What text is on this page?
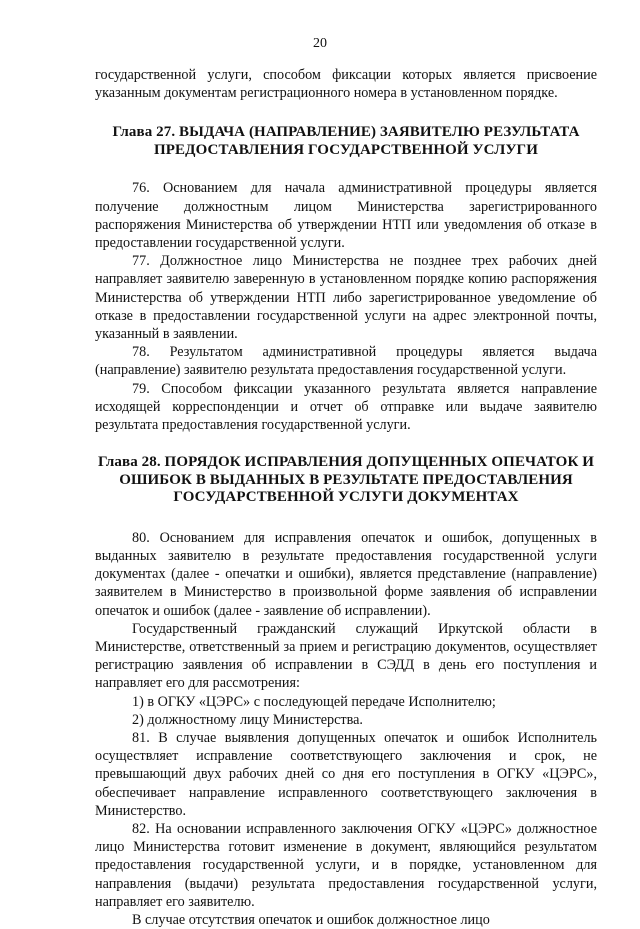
20

государственной услуги, способом фиксации которых является присвоение указанным документам регистрационного номера в установленном порядке.

Глава 27. ВЫДАЧА (НАПРАВЛЕНИЕ) ЗАЯВИТЕЛЮ РЕЗУЛЬТАТА ПРЕДОСТАВЛЕНИЯ ГОСУДАРСТВЕННОЙ УСЛУГИ

76. Основанием для начала административной процедуры является получение должностным лицом Министерства зарегистрированного распоряжения Министерства об утверждении НТП или уведомления об отказе в предоставлении государственной услуги.

77. Должностное лицо Министерства не позднее трех рабочих дней направляет заявителю заверенную в установленном порядке копию распоряжения Министерства об утверждении НТП либо зарегистрированное уведомление об отказе в предоставлении государственной услуги на адрес электронной почты, указанный в заявлении.

78. Результатом административной процедуры является выдача (направление) заявителю результата предоставления государственной услуги.

79. Способом фиксации указанного результата является направление исходящей корреспонденции и отчет об отправке или выдаче заявителю результата предоставления государственной услуги.

Глава 28. ПОРЯДОК ИСПРАВЛЕНИЯ ДОПУЩЕННЫХ ОПЕЧАТОК И ОШИБОК В ВЫДАННЫХ В РЕЗУЛЬТАТЕ ПРЕДОСТАВЛЕНИЯ ГОСУДАРСТВЕННОЙ УСЛУГИ ДОКУМЕНТАХ

80. Основанием для исправления опечаток и ошибок, допущенных в выданных заявителю в результате предоставления государственной услуги документах (далее - опечатки и ошибки), является представление (направление) заявителем в Министерство в произвольной форме заявления об исправлении опечаток и ошибок (далее - заявление об исправлении).

Государственный гражданский служащий Иркутской области в Министерстве, ответственный за прием и регистрацию документов, осуществляет регистрацию заявления об исправлении в СЭДД в день его поступления и направляет его для рассмотрения:

1) в ОГКУ «ЦЭРС» с последующей передаче Исполнителю;

2) должностному лицу Министерства.

81. В случае выявления допущенных опечаток и ошибок Исполнитель осуществляет исправление соответствующего заключения и срок, не превышающий двух рабочих дней со дня его поступления в ОГКУ «ЦЭРС», обеспечивает направление исправленного соответствующего заключения в Министерство.

82. На основании исправленного заключения ОГКУ «ЦЭРС» должностное лицо Министерства готовит изменение в документ, являющийся результатом предоставления государственной услуги, и в порядке, установленном для направления (выдачи) результата предоставления государственной услуги, направляет его заявителю.

В случае отсутствия опечаток и ошибок должностное лицо
